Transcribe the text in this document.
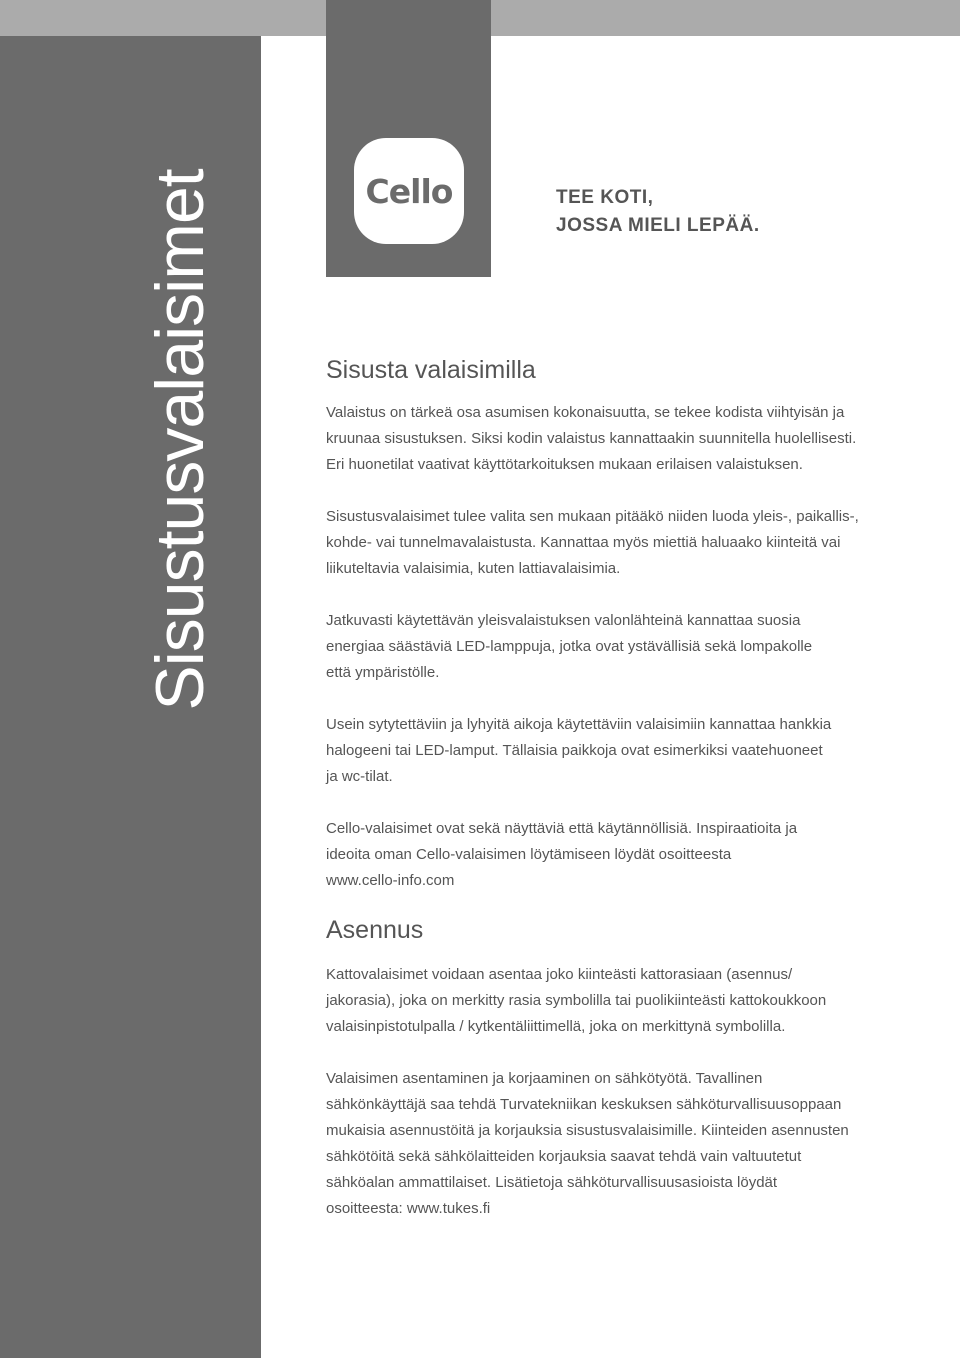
Sisustusvalaisimet	Cello	TEE KOTI,
JOSSA MIELI LEPÄÄ.
Sisusta valaisimilla

Valaistus on tärkeä osa asumisen kokonaisuutta, se tekee kodista viihtyisän ja
kruunaa sisustuksen. Siksi kodin valaistus kannattaakin suunnitella huolellisesti.
Eri huonetilat vaativat käyttötarkoituksen mukaan erilaisen valaistuksen.

Sisustusvalaisimet tulee valita sen mukaan pitääkö niiden luoda yleis-, paikallis-,
kohde- vai tunnelmavalaistusta. Kannattaa myös miettiä haluaako kiinteitä vai
liikuteltavia valaisimia, kuten lattiavalaisimia.

Jatkuvasti käytettävän yleisvalaistuksen valonlähteinä kannattaa suosia
energiaa säästäviä LED-lamppuja, jotka ovat ystävällisiä sekä lompakolle
että ympäristölle.

Usein sytytettäviin ja lyhyitä aikoja käytettäviin valaisimiin kannattaa hankkia
halogeeni tai LED-lamput. Tällaisia paikkoja ovat esimerkiksi vaatehuoneet
ja wc-tilat.

Cello-valaisimet ovat sekä näyttäviä että käytännöllisiä. Inspiraatioita ja
ideoita oman Cello-valaisimen löytämiseen löydät osoitteesta
www.cello-info.com

Asennus

Kattovalaisimet voidaan asentaa joko kiinteästi kattorasiaan (asennus/
jakorasia), joka on merkitty rasia symbolilla tai puolikiinteästi kattokoukkoon
valaisinpistotulpalla / kytkentäliittimellä, joka on merkittynä symbolilla.

Valaisimen asentaminen ja korjaaminen on sähkötyötä. Tavallinen
sähkönkäyttäjä saa tehdä Turvatekniikan keskuksen sähköturvallisuusoppaan
mukaisia asennustöitä ja korjauksia sisustusvalaisimille. Kiinteiden asennusten
sähkötöitä sekä sähkölaitteiden korjauksia saavat tehdä vain valtuutetut
sähköalan ammattilaiset. Lisätietoja sähköturvallisuusasioista löydät
osoitteesta: www.tukes.fi
